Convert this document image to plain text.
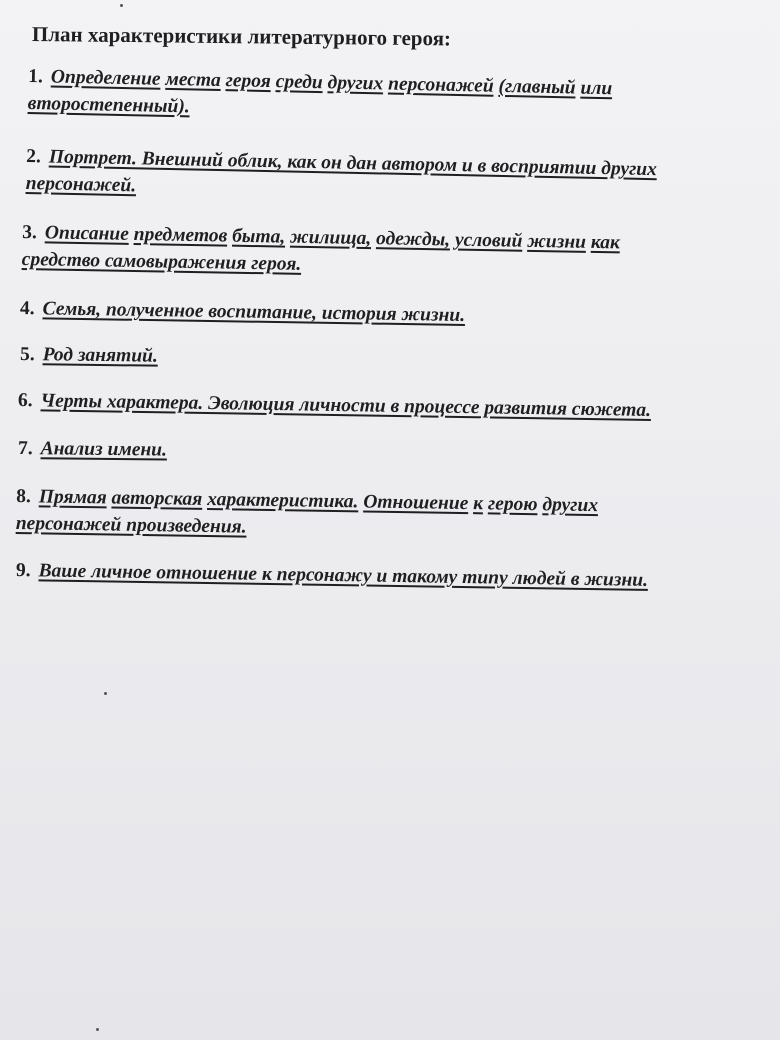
План характеристики литературного героя:
1. Определение места героя среди других персонажей (главный или
второстепенный).
2. Портрет. Внешний облик, как он дан автором и в восприятии других
персонажей.
3. Описание предметов быта, жилища, одежды, условий жизни как
средство самовыражения героя.
4. Семья, полученное воспитание, история жизни.
5. Род занятий.
6. Черты характера. Эволюция личности в процессе развития сюжета.
7. Анализ имени.
8. Прямая авторская характеристика. Отношение к герою других
персонажей произведения.
9. Ваше личное отношение к персонажу и такому типу людей в жизни.
